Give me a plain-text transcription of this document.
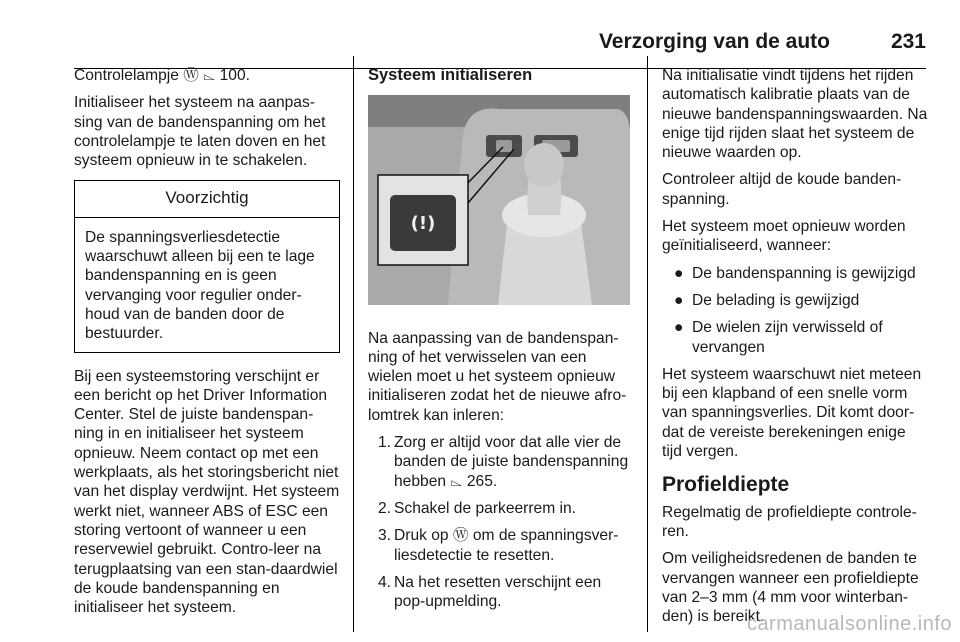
Verzorging van de auto	231

Controlelampje Ⓦ ⌳ 100.

Initialiseer het systeem na aanpas-sing van de bandenspanning om het controlelampje te laten doven en het systeem opnieuw in te schakelen.

Voorzichtig
De spanningsverliesdetectie waarschuwt alleen bij een te lage bandenspanning en is geen vervanging voor regulier onder-houd van de banden door de bestuurder.

Bij een systeemstoring verschijnt er een bericht op het Driver Information Center. Stel de juiste bandenspan-ning in en initialiseer het systeem opnieuw. Neem contact op met een werkplaats, als het storingsbericht niet van het display verdwijnt. Het systeem werkt niet, wanneer ABS of ESC een storing vertoont of wanneer u een reservewiel gebruikt. Contro-leer na terugplaatsing van een stan-daardwiel de koude bandenspanning en initialiseer het systeem.

Systeem initialiseren
(!)

Na aanpassing van de bandenspan-ning of het verwisselen van een wielen moet u het systeem opnieuw initialiseren zodat het de nieuwe afro-lomtrek kan inleren:

1. Zorg er altijd voor dat alle vier de banden de juiste bandenspanning hebben ⌳ 265.
2. Schakel de parkeerrem in.
3. Druk op Ⓦ om de spanningsver-liesdetectie te resetten.
4. Na het resetten verschijnt een pop-upmelding.

Na initialisatie vindt tijdens het rijden automatisch kalibratie plaats van de nieuwe bandenspanningswaarden. Na enige tijd rijden slaat het systeem de nieuwe waarden op.

Controleer altijd de koude banden-spanning.

Het systeem moet opnieuw worden geïnitialiseerd, wanneer:

● De bandenspanning is gewijzigd
● De belading is gewijzigd
● De wielen zijn verwisseld of vervangen

Het systeem waarschuwt niet meteen bij een klapband of een snelle vorm van spanningsverlies. Dit komt door-dat de vereiste berekeningen enige tijd vergen.

Profieldiepte

Regelmatig de profieldiepte controle-ren.

Om veiligheidsredenen de banden te vervangen wanneer een profieldiepte van 2–3 mm (4 mm voor winterban-den) is bereikt.

carmanualsonline.info
